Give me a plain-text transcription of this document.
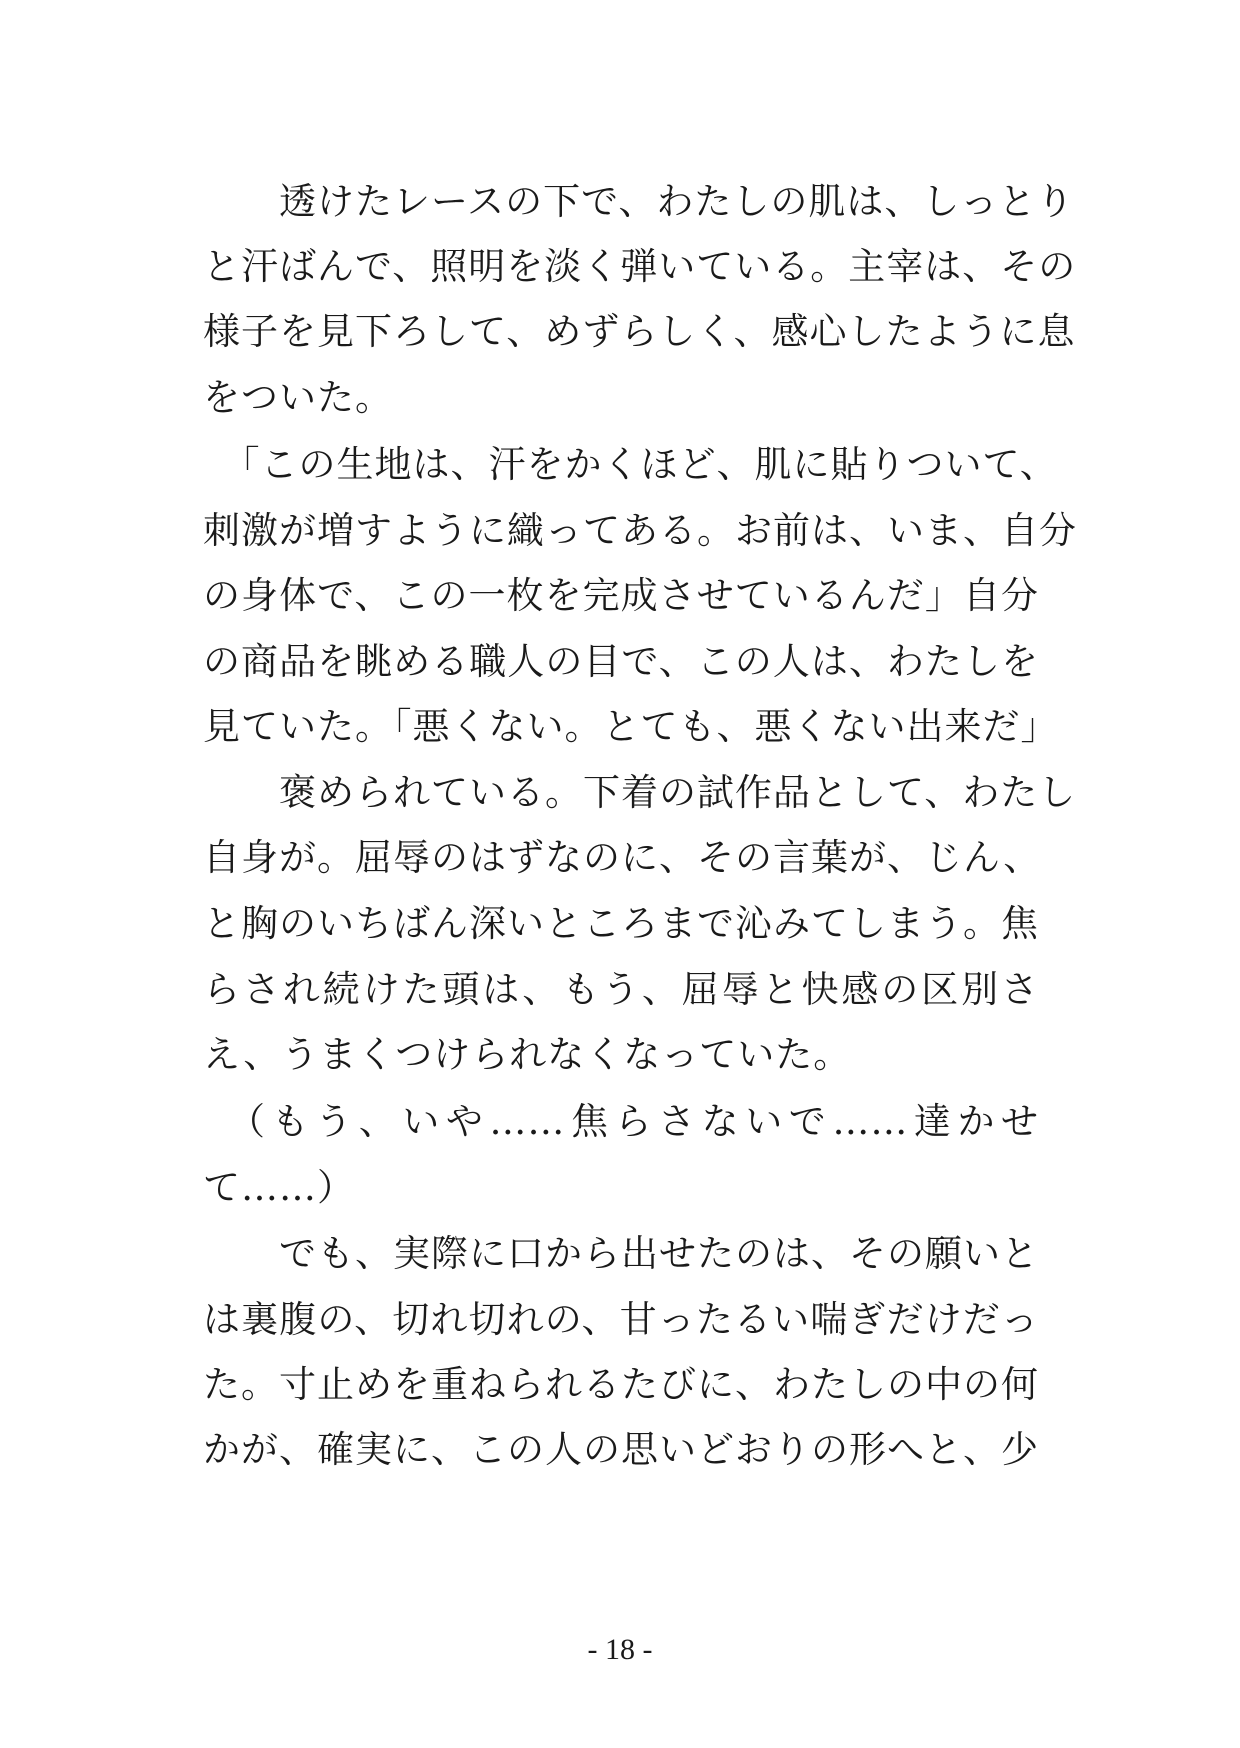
　　透けたレースの下で、わたしの肌は、しっとり
と汗ばんで、照明を淡く弾いている。主宰は、その
様子を見下ろして、めずらしく、感心したように息
をついた。
　「この生地は、汗をかくほど、肌に貼りついて、
刺激が増すように織ってある。お前は、いま、自分
の身体で、この一枚を完成させているんだ」自分
の商品を眺める職人の目で、この人は、わたしを
見ていた。「悪くない。とても、悪くない出来だ」
　　褒められている。下着の試作品として、わたし
自身が。屈辱のはずなのに、その言葉が、じん、
と胸のいちばん深いところまで沁みてしまう。焦
らされ続けた頭は、もう、屈辱と快感の区別さ
え、うまくつけられなくなっていた。
　（もう、いや……焦らさないで……達かせ
て……）
　　でも、実際に口から出せたのは、その願いと
は裏腹の、切れ切れの、甘ったるい喘ぎだけだっ
た。寸止めを重ねられるたびに、わたしの中の何
かが、確実に、この人の思いどおりの形へと、少
- 18 -
